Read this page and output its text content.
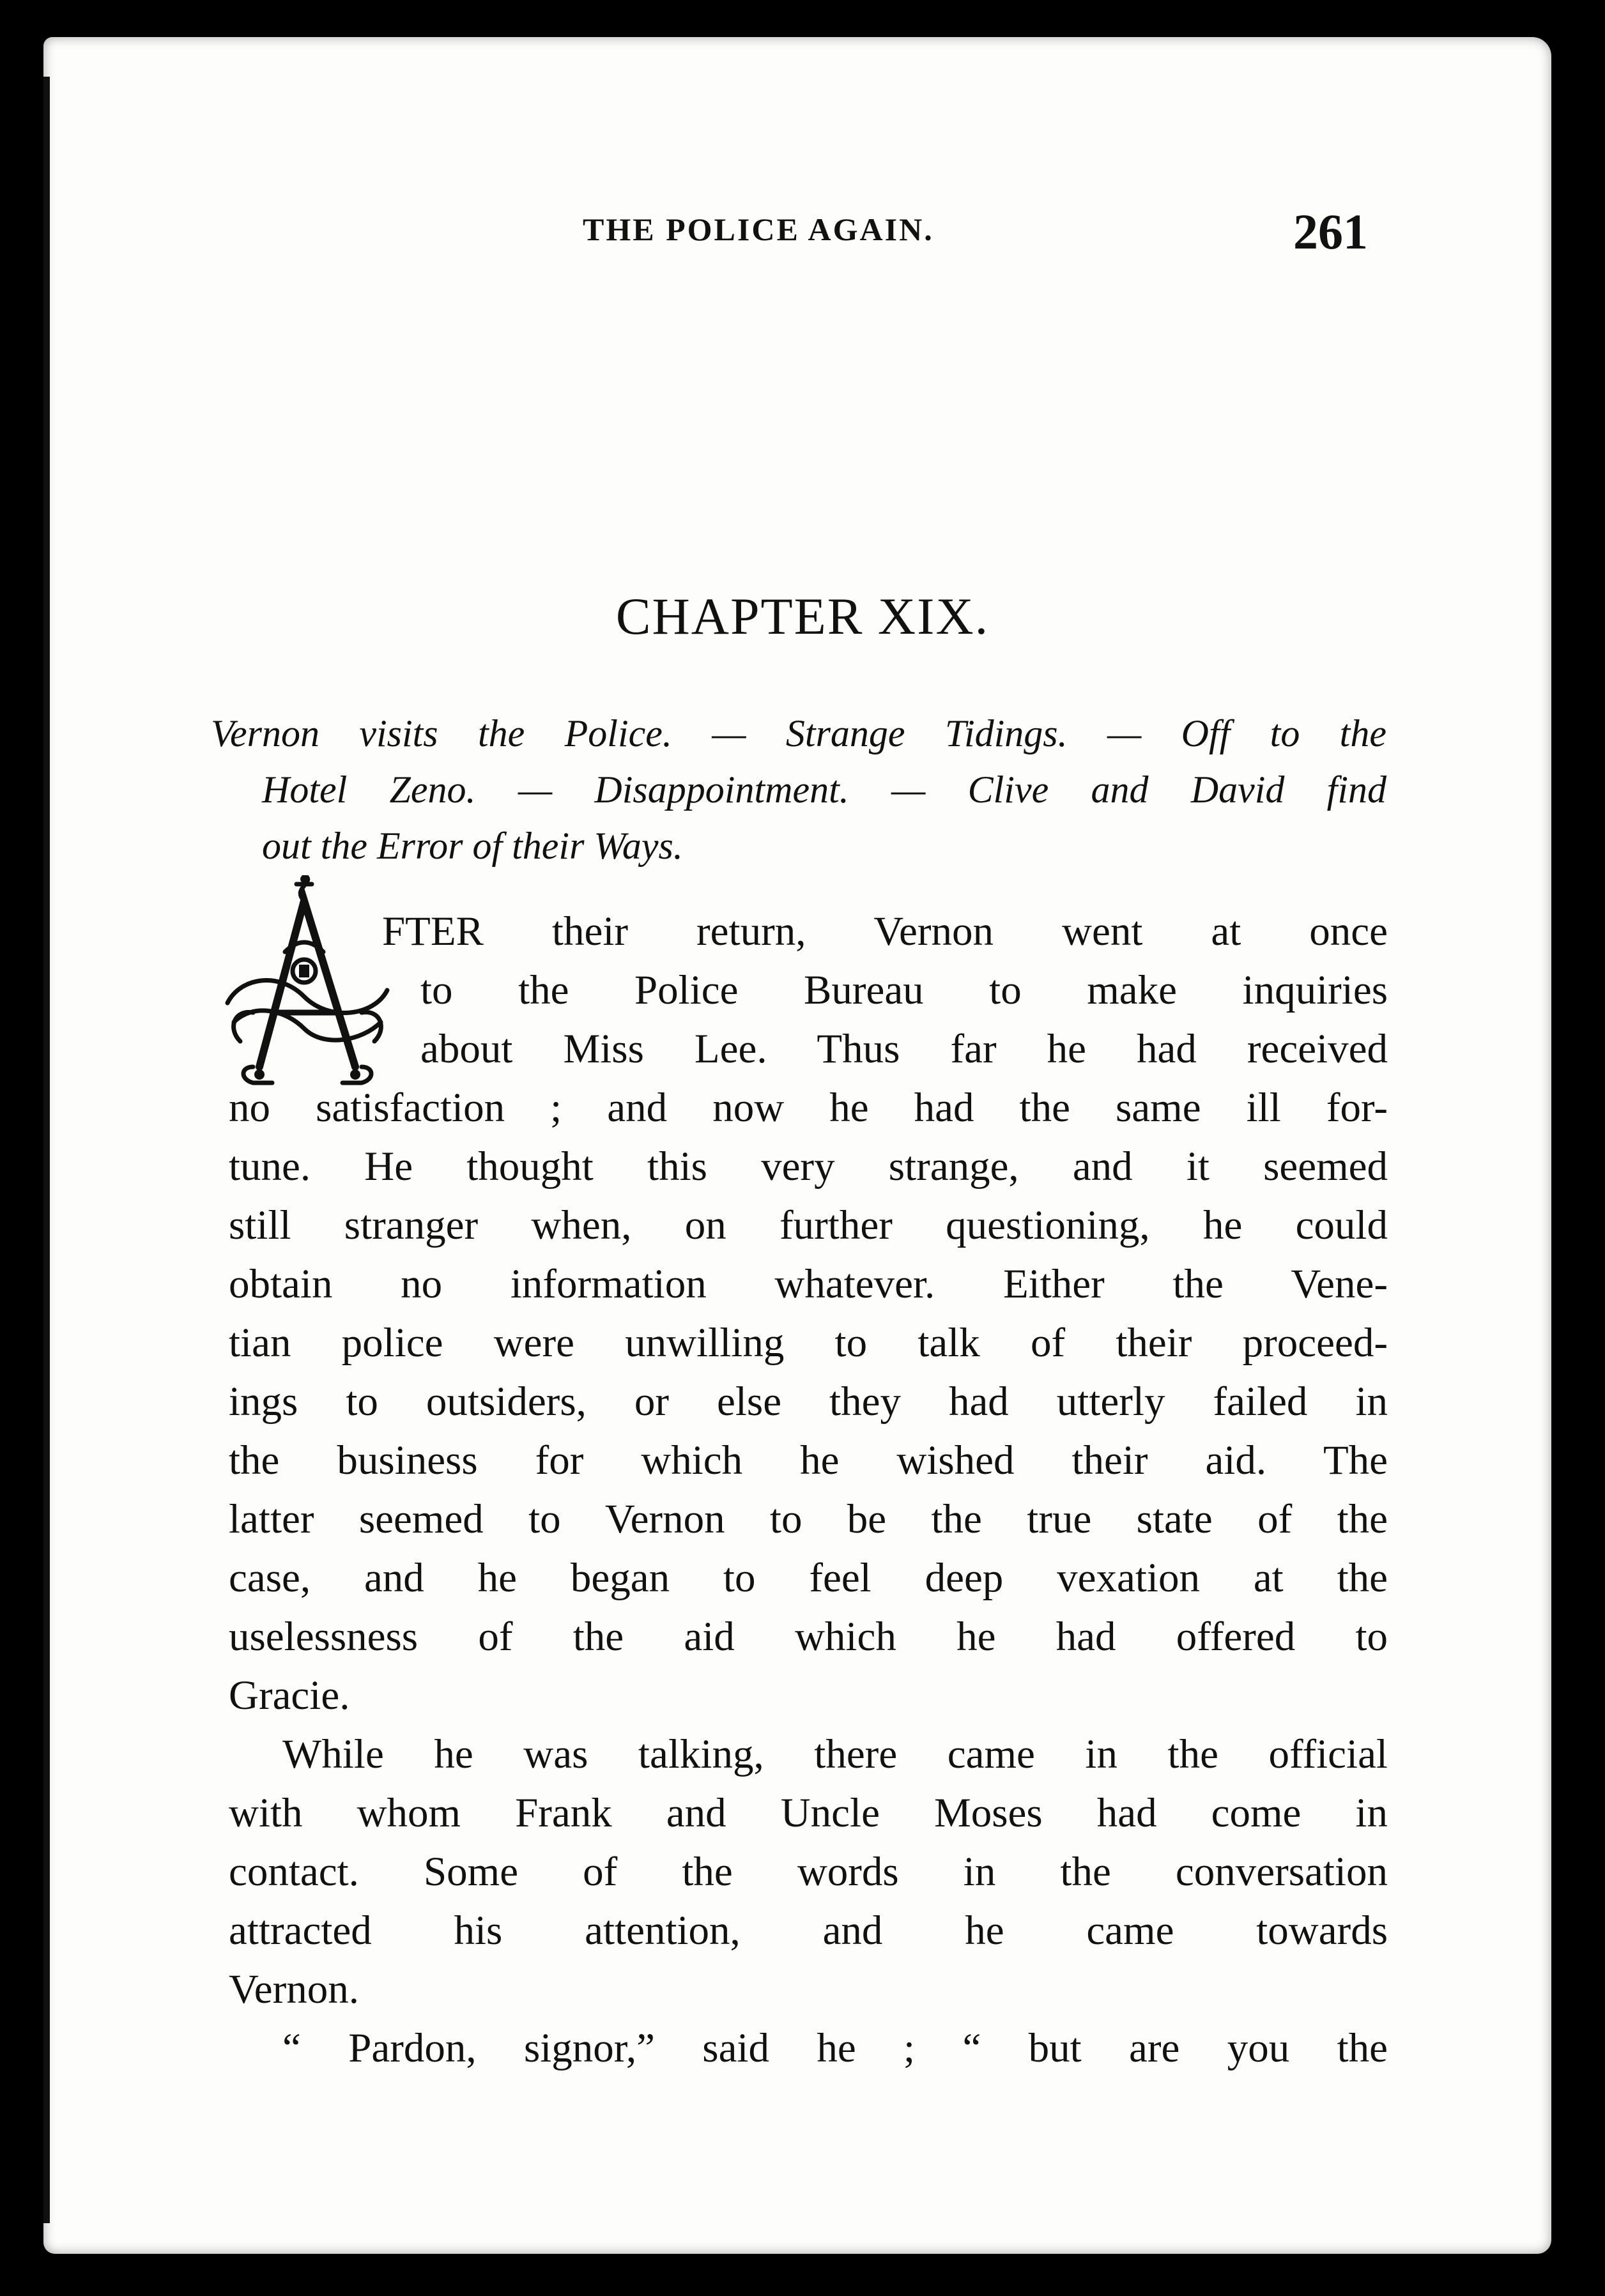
THE POLICE AGAIN.	261
CHAPTER XIX.
Vernon visits the Police. — Strange Tidings. — Off to the
Hotel Zeno. — Disappointment. — Clive and David find
out the Error of their Ways.
A
FTER their return, Vernon went at once
to the Police Bureau to make inquiries
about Miss Lee. Thus far he had received
no satisfaction ; and now he had the same ill for-
tune. He thought this very strange, and it seemed
still stranger when, on further questioning, he could
obtain no information whatever. Either the Vene-
tian police were unwilling to talk of their proceed-
ings to outsiders, or else they had utterly failed in
the business for which he wished their aid. The
latter seemed to Vernon to be the true state of the
case, and he began to feel deep vexation at the
uselessness of the aid which he had offered to
Gracie.
While he was talking, there came in the official
with whom Frank and Uncle Moses had come in
contact. Some of the words in the conversation
attracted his attention, and he came towards
Vernon.
“ Pardon, signor,” said he ; “ but are you the
